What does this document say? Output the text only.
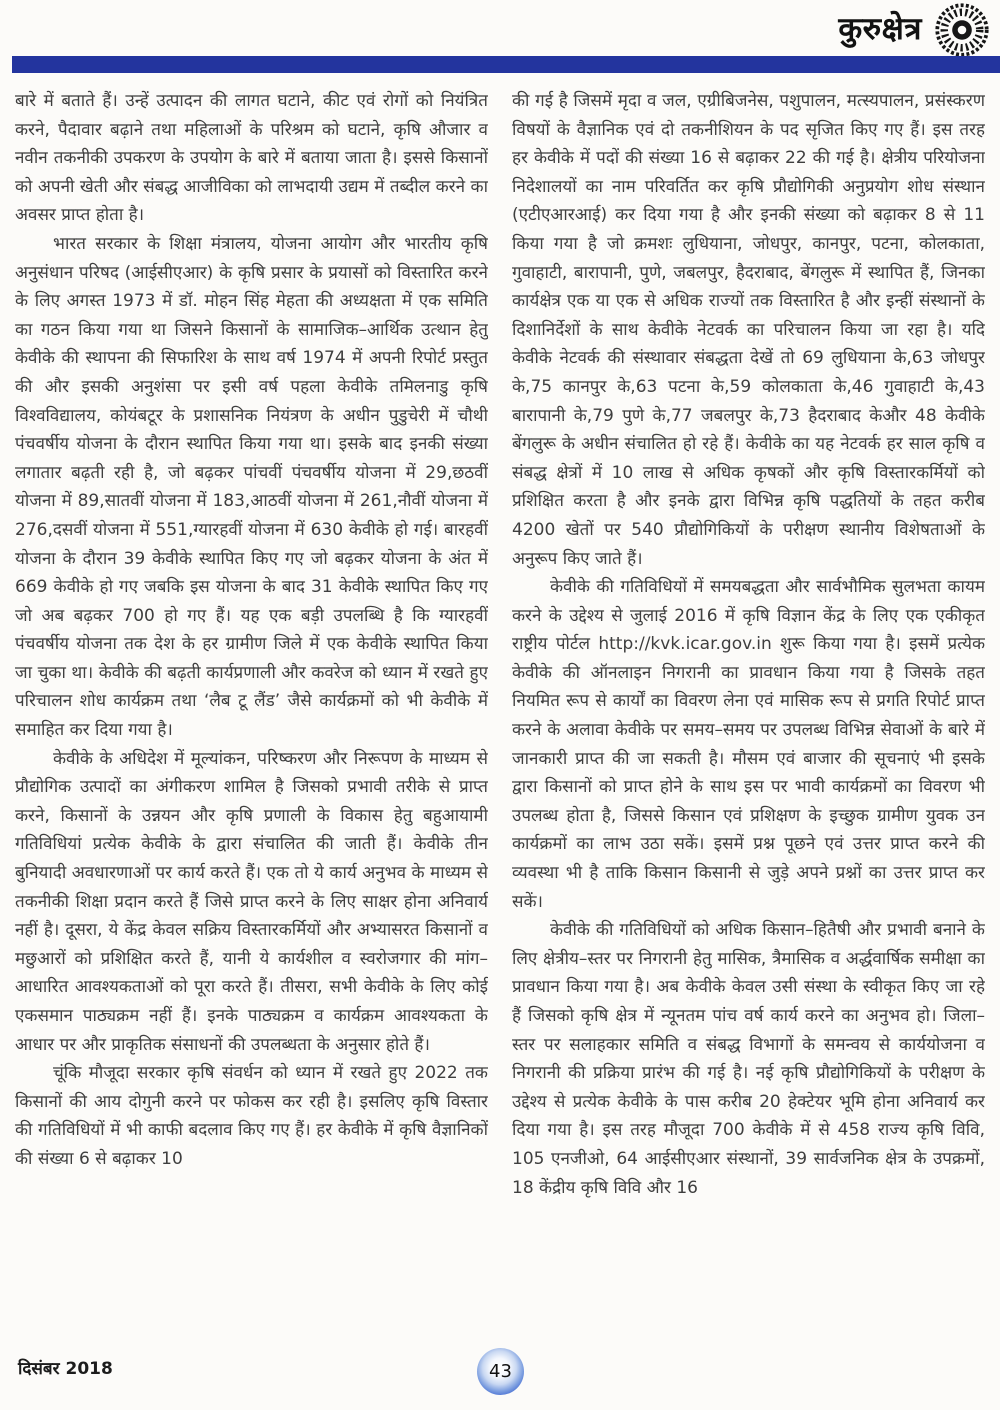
कुरुक्षेत्र

बारे में बताते हैं। उन्हें उत्पादन की लागत घटाने, कीट एवं रोगों को नियंत्रित करने, पैदावार बढ़ाने तथा महिलाओं के परिश्रम को घटाने, कृषि औजार व नवीन तकनीकी उपकरण के उपयोग के बारे में बताया जाता है। इससे किसानों को अपनी खेती और संबद्ध आजीविका को लाभदायी उद्यम में तब्दील करने का अवसर प्राप्त होता है।

भारत सरकार के शिक्षा मंत्रालय, योजना आयोग और भारतीय कृषि अनुसंधान परिषद (आईसीएआर) के कृषि प्रसार के प्रयासों को विस्तारित करने के लिए अगस्त 1973 में डॉ. मोहन सिंह मेहता की अध्यक्षता में एक समिति का गठन किया गया था जिसने किसानों के सामाजिक–आर्थिक उत्थान हेतु केवीके की स्थापना की सिफारिश के साथ वर्ष 1974 में अपनी रिपोर्ट प्रस्तुत की और इसकी अनुशंसा पर इसी वर्ष पहला केवीके तमिलनाडु कृषि विश्वविद्यालय, कोयंबटूर के प्रशासनिक नियंत्रण के अधीन पुडुचेरी में चौथी पंचवर्षीय योजना के दौरान स्थापित किया गया था। इसके बाद इनकी संख्या लगातार बढ़ती रही है, जो बढ़कर पांचवीं पंचवर्षीय योजना में 29,छठवीं योजना में 89,सातवीं योजना में 183,आठवीं योजना में 261,नौवीं योजना में 276,दसवीं योजना में 551,ग्यारहवीं योजना में 630 केवीके हो गई। बारहवीं योजना के दौरान 39 केवीके स्थापित किए गए जो बढ़कर योजना के अंत में 669 केवीके हो गए जबकि इस योजना के बाद 31 केवीके स्थापित किए गए जो अब बढ़कर 700 हो गए हैं। यह एक बड़ी उपलब्धि है कि ग्यारहवीं पंचवर्षीय योजना तक देश के हर ग्रामीण जिले में एक केवीके स्थापित किया जा चुका था। केवीके की बढ़ती कार्यप्रणाली और कवरेज को ध्यान में रखते हुए परिचालन शोध कार्यक्रम तथा ‘लैब टू लैंड’ जैसे कार्यक्रमों को भी केवीके में समाहित कर दिया गया है।

केवीके के अधिदेश में मूल्यांकन, परिष्करण और निरूपण के माध्यम से प्रौद्योगिक उत्पादों का अंगीकरण शामिल है जिसको प्रभावी तरीके से प्राप्त करने, किसानों के उन्नयन और कृषि प्रणाली के विकास हेतु बहुआयामी गतिविधियां प्रत्येक केवीके के द्वारा संचालित की जाती हैं। केवीके तीन बुनियादी अवधारणाओं पर कार्य करते हैं। एक तो ये कार्य अनुभव के माध्यम से तकनीकी शिक्षा प्रदान करते हैं जिसे प्राप्त करने के लिए साक्षर होना अनिवार्य नहीं है। दूसरा, ये केंद्र केवल सक्रिय विस्तारकर्मियों और अभ्यासरत किसानों व मछुआरों को प्रशिक्षित करते हैं, यानी ये कार्यशील व स्वरोजगार की मांग–आधारित आवश्यकताओं को पूरा करते हैं। तीसरा, सभी केवीके के लिए कोई एकसमान पाठ्यक्रम नहीं हैं। इनके पाठ्यक्रम व कार्यक्रम आवश्यकता के आधार पर और प्राकृतिक संसाधनों की उपलब्धता के अनुसार होते हैं।

चूंकि मौजूदा सरकार कृषि संवर्धन को ध्यान में रखते हुए 2022 तक किसानों की आय दोगुनी करने पर फोकस कर रही है। इसलिए कृषि विस्तार की गतिविधियों में भी काफी बदलाव किए गए हैं। हर केवीके में कृषि वैज्ञानिकों की संख्या 6 से बढ़ाकर 10

की गई है जिसमें मृदा व जल, एग्रीबिजनेस, पशुपालन, मत्स्यपालन, प्रसंस्करण विषयों के वैज्ञानिक एवं दो तकनीशियन के पद सृजित किए गए हैं। इस तरह हर केवीके में पदों की संख्या 16 से बढ़ाकर 22 की गई है। क्षेत्रीय परियोजना निदेशालयों का नाम परिवर्तित कर कृषि प्रौद्योगिकी अनुप्रयोग शोध संस्थान (एटीएआरआई) कर दिया गया है और इनकी संख्या को बढ़ाकर 8 से 11 किया गया है जो क्रमशः लुधियाना, जोधपुर, कानपुर, पटना, कोलकाता, गुवाहाटी, बारापानी, पुणे, जबलपुर, हैदराबाद, बेंगलुरू में स्थापित हैं, जिनका कार्यक्षेत्र एक या एक से अधिक राज्यों तक विस्तारित है और इन्हीं संस्थानों के दिशानिर्देशों के साथ केवीके नेटवर्क का परिचालन किया जा रहा है। यदि केवीके नेटवर्क की संस्थावार संबद्धता देखें तो 69 लुधियाना के,63 जोधपुर के,75 कानपुर के,63 पटना के,59 कोलकाता के,46 गुवाहाटी के,43 बारापानी के,79 पुणे के,77 जबलपुर के,73 हैदराबाद केऔर 48 केवीके बेंगलुरू के अधीन संचालित हो रहे हैं। केवीके का यह नेटवर्क हर साल कृषि व संबद्ध क्षेत्रों में 10 लाख से अधिक कृषकों और कृषि विस्तारकर्मियों को प्रशिक्षित करता है और इनके द्वारा विभिन्न कृषि पद्धतियों के तहत करीब 4200 खेतों पर 540 प्रौद्योगिकियों के परीक्षण स्थानीय विशेषताओं के अनुरूप किए जाते हैं।

केवीके की गतिविधियों में समयबद्धता और सार्वभौमिक सुलभता कायम करने के उद्देश्य से जुलाई 2016 में कृषि विज्ञान केंद्र के लिए एक एकीकृत राष्ट्रीय पोर्टल http://kvk.icar.gov.in शुरू किया गया है। इसमें प्रत्येक केवीके की ऑनलाइन निगरानी का प्रावधान किया गया है जिसके तहत नियमित रूप से कार्यों का विवरण लेना एवं मासिक रूप से प्रगति रिपोर्ट प्राप्त करने के अलावा केवीके पर समय–समय पर उपलब्ध विभिन्न सेवाओं के बारे में जानकारी प्राप्त की जा सकती है। मौसम एवं बाजार की सूचनाएं भी इसके द्वारा किसानों को प्राप्त होने के साथ इस पर भावी कार्यक्रमों का विवरण भी उपलब्ध होता है, जिससे किसान एवं प्रशिक्षण के इच्छुक ग्रामीण युवक उन कार्यक्रमों का लाभ उठा सकें। इसमें प्रश्न पूछने एवं उत्तर प्राप्त करने की व्यवस्था भी है ताकि किसान किसानी से जुड़े अपने प्रश्नों का उत्तर प्राप्त कर सकें।

केवीके की गतिविधियों को अधिक किसान–हितैषी और प्रभावी बनाने के लिए क्षेत्रीय–स्तर पर निगरानी हेतु मासिक, त्रैमासिक व अर्द्धवार्षिक समीक्षा का प्रावधान किया गया है। अब केवीके केवल उसी संस्था के स्वीकृत किए जा रहे हैं जिसको कृषि क्षेत्र में न्यूनतम पांच वर्ष कार्य करने का अनुभव हो। जिला–स्तर पर सलाहकार समिति व संबद्ध विभागों के समन्वय से कार्ययोजना व निगरानी की प्रक्रिया प्रारंभ की गई है। नई कृषि प्रौद्योगिकियों के परीक्षण के उद्देश्य से प्रत्येक केवीके के पास करीब 20 हेक्टेयर भूमि होना अनिवार्य कर दिया गया है। इस तरह मौजूदा 700 केवीके में से 458 राज्य कृषि विवि, 105 एनजीओ, 64 आईसीएआर संस्थानों, 39 सार्वजनिक क्षेत्र के उपक्रमों, 18 केंद्रीय कृषि विवि और 16

दिसंबर 2018	43
